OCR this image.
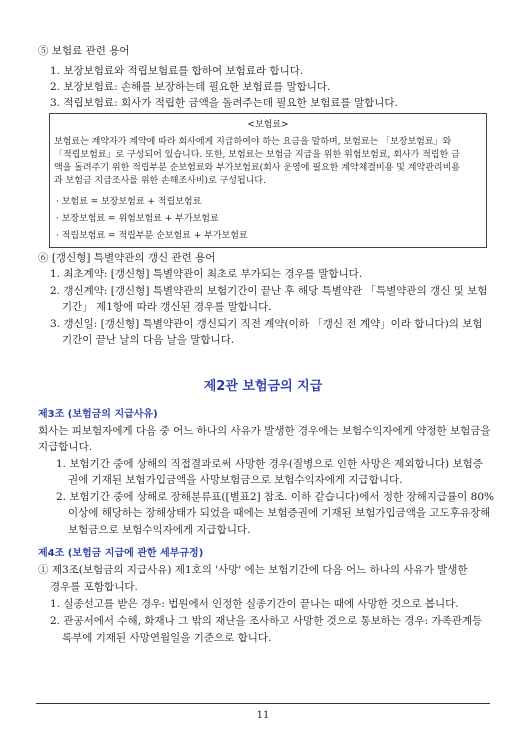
⑤ 보험료 관련 용어
1. 보장보험료와 적립보험료를 합하여 보험료라 합니다.
2. 보장보험료: 손해를 보장하는데 필요한 보험료를 말합니다.
3. 적립보험료: 회사가 적립한 금액을 돌려주는데 필요한 보험료를 말합니다.
<보험료>
보험료는 계약자가 계약에 따라 회사에게 지급하여야 하는 요금을 말하며, 보험료는 「보장보험료」와
「적립보험료」로 구성되어 있습니다. 또한, 보험료는 보험금 지급을 위한 위험보험료, 회사가 적립한 금
액을 돌려주기 위한 적립부분 순보험료와 부가보험료(회사 운영에 필요한 계약체결비용 및 계약관리비용
과 보험금 지급조사를 위한 손해조사비)로 구성됩니다.
· 보험료 = 보장보험료 + 적립보험료
· 보장보험료 = 위험보험료 + 부가보험료
· 적립보험료 = 적립부분 순보험료 + 부가보험료
⑥ [갱신형] 특별약관의 갱신 관련 용어
1. 최초계약: [갱신형] 특별약관이 최초로 부가되는 경우를 말합니다.
2. 갱신계약: [갱신형] 특별약관의 보험기간이 끝난 후 해당 특별약관 「특별약관의 갱신 및 보험
기간」 제1항에 따라 갱신된 경우를 말합니다.
3. 갱신일: [갱신형] 특별약관이 갱신되기 직전 계약(이하 「갱신 전 계약」이라 합니다)의 보험
기간이 끝난 날의 다음 날을 말합니다.
제2관 보험금의 지급
제3조 (보험금의 지급사유)
회사는 피보험자에게 다음 중 어느 하나의 사유가 발생한 경우에는 보험수익자에게 약정한 보험금을
지급합니다.
1. 보험기간 중에 상해의 직접결과로써 사망한 경우(질병으로 인한 사망은 제외합니다) 보험증
권에 기재된 보험가입금액을 사망보험금으로 보험수익자에게 지급합니다.
2. 보험기간 중에 상해로 장해분류표([별표2] 참조. 이하 같습니다)에서 정한 장해지급률이 80%
이상에 해당하는 장해상태가 되었을 때에는 보험증권에 기재된 보험가입금액을 고도후유장해
보험금으로 보험수익자에게 지급합니다.
제4조 (보험금 지급에 관한 세부규정)
① 제3조(보험금의 지급사유) 제1호의 '사망' 에는 보험기간에 다음 어느 하나의 사유가 발생한
경우를 포함합니다.
1. 실종선고를 받은 경우: 법원에서 인정한 실종기간이 끝나는 때에 사망한 것으로 봅니다.
2. 관공서에서 수해, 화재나 그 밖의 재난을 조사하고 사망한 것으로 통보하는 경우: 가족관계등
록부에 기재된 사망연월일을 기준으로 합니다.
11
